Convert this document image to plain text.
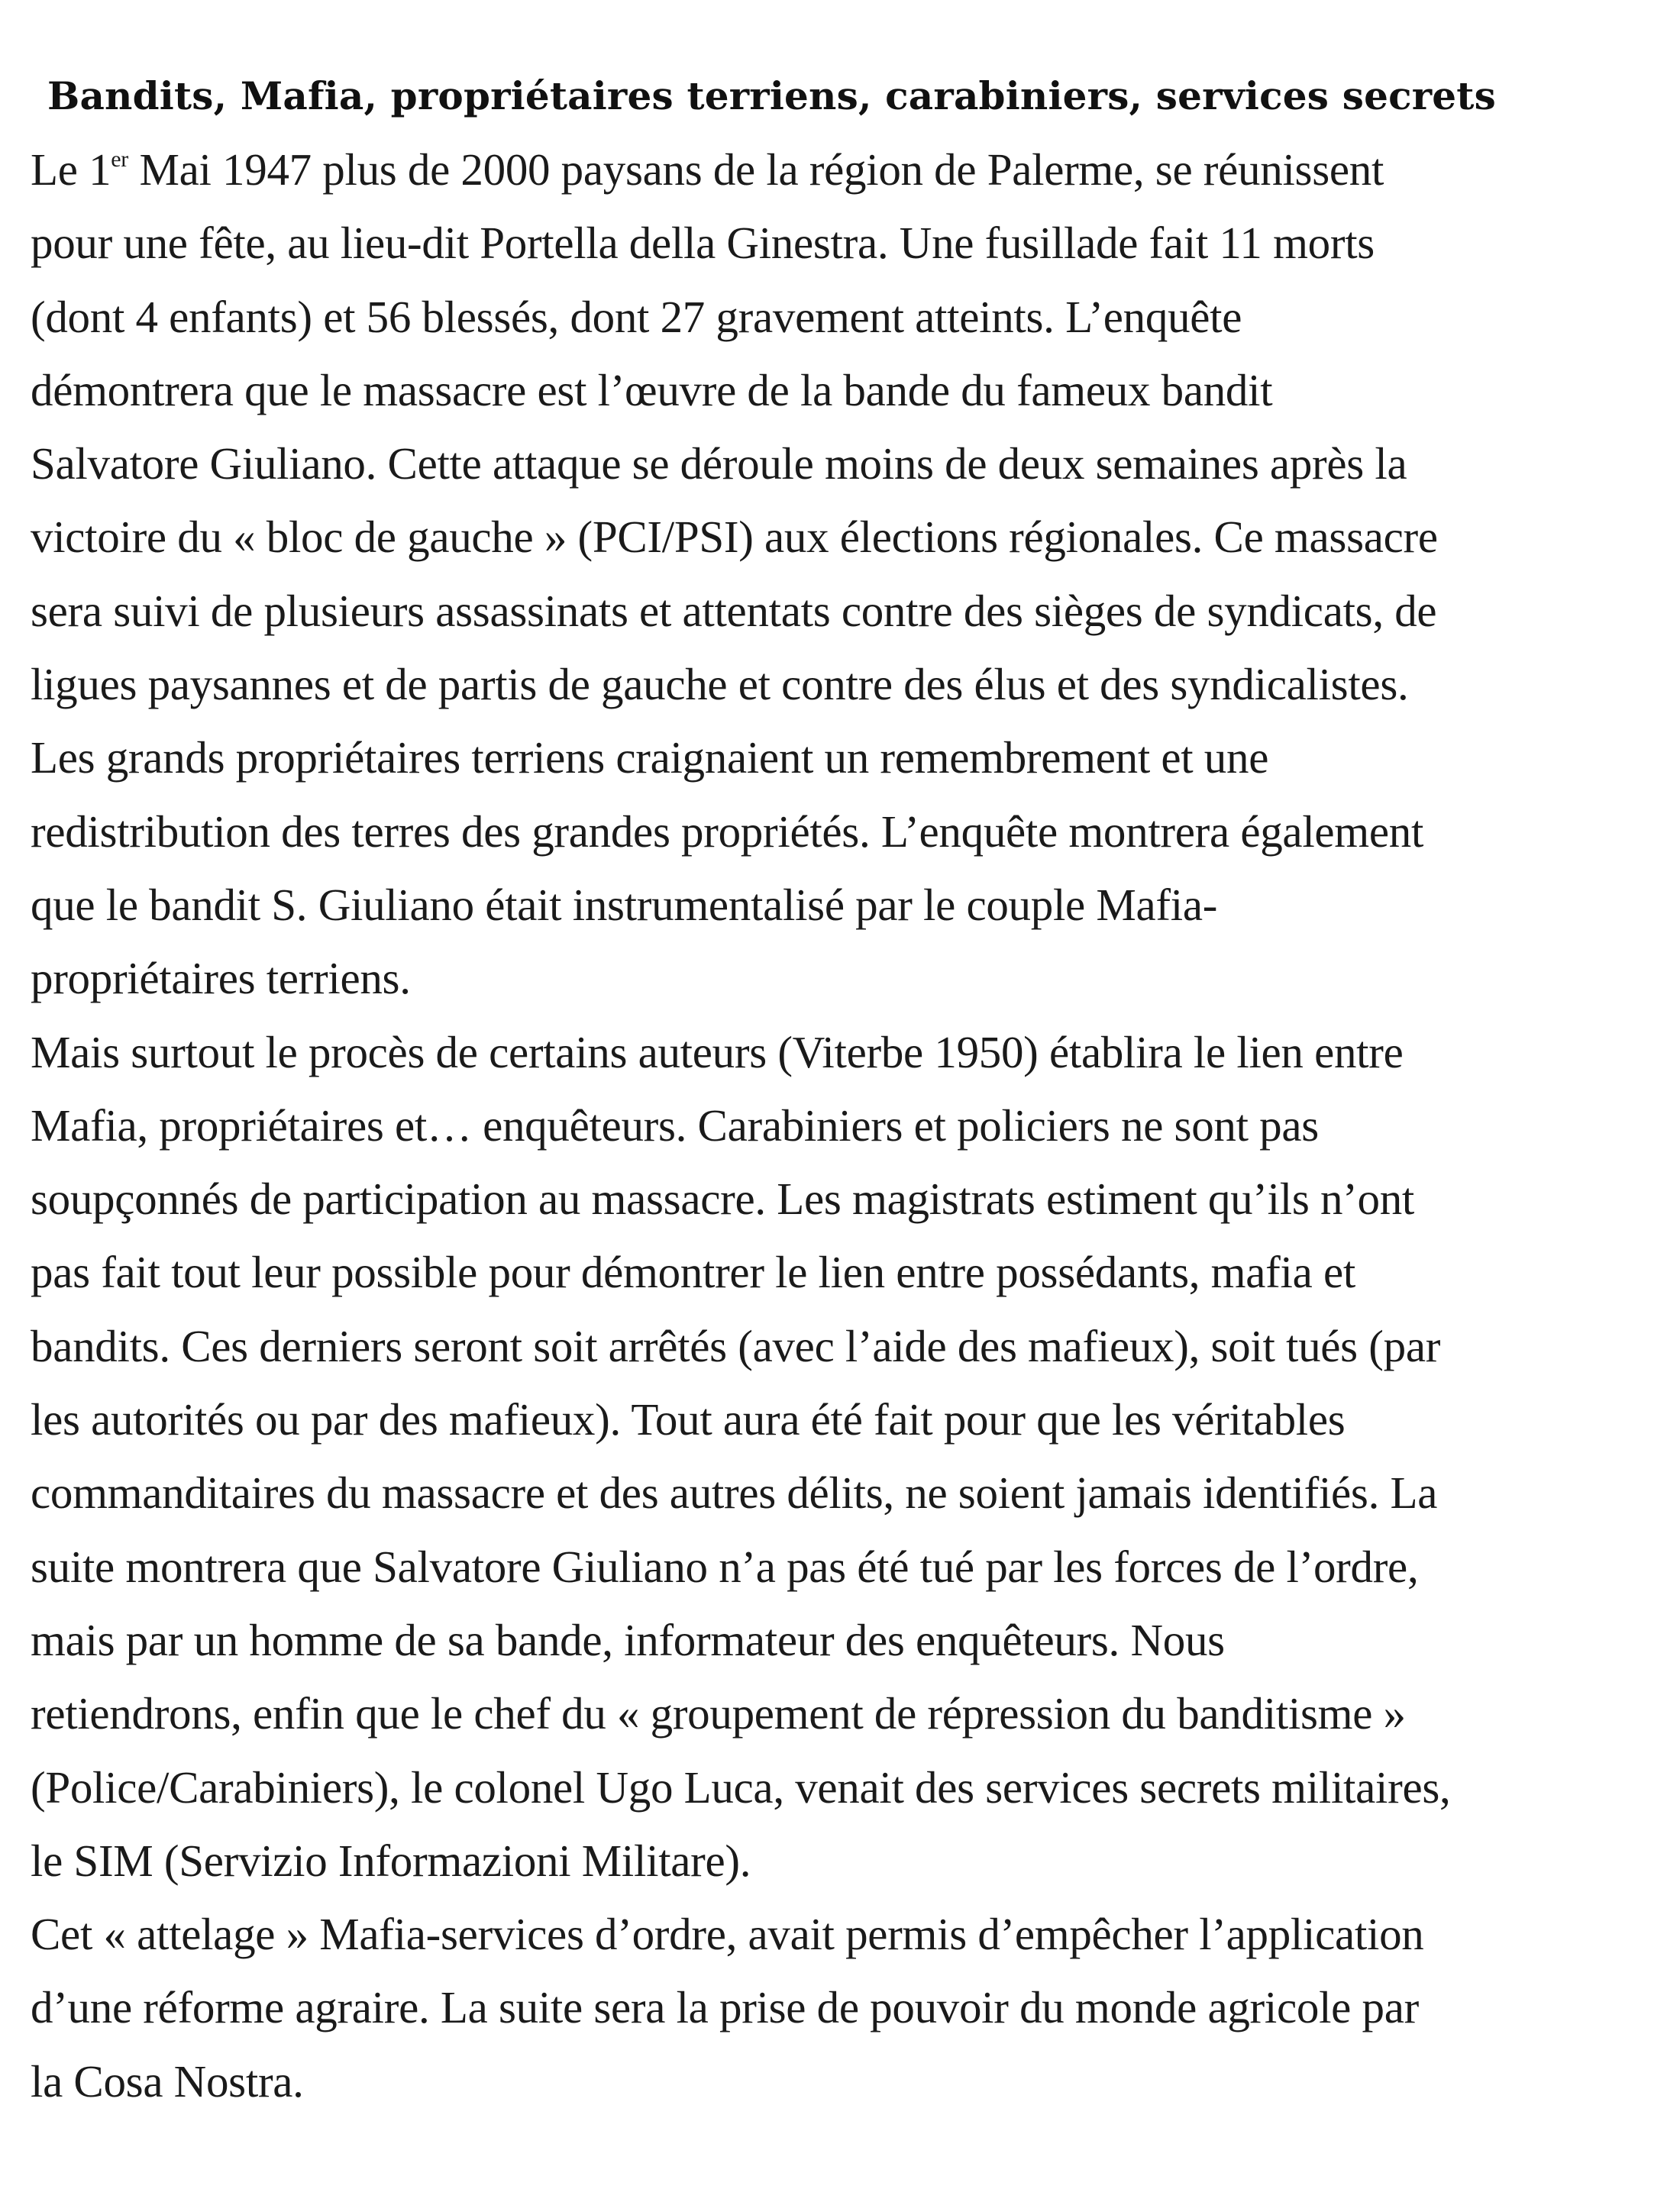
Bandits, Mafia, propriétaires terriens, carabiniers, services secrets
Le 1er Mai 1947 plus de 2000 paysans de la région de Palerme, se réunissent
pour une fête, au lieu-dit Portella della Ginestra. Une fusillade fait 11 morts
(dont 4 enfants) et 56 blessés, dont 27 gravement atteints. L’enquête
démontrera que le massacre est l’œuvre de la bande du fameux bandit
Salvatore Giuliano. Cette attaque se déroule moins de deux semaines après la
victoire du « bloc de gauche » (PCI/PSI) aux élections régionales. Ce massacre
sera suivi de plusieurs assassinats et attentats contre des sièges de syndicats, de
ligues paysannes et de partis de gauche et contre des élus et des syndicalistes.
Les grands propriétaires terriens craignaient un remembrement et une
redistribution des terres des grandes propriétés. L’enquête montrera également
que le bandit S. Giuliano était instrumentalisé par le couple Mafia-
propriétaires terriens.
Mais surtout le procès de certains auteurs (Viterbe 1950) établira le lien entre
Mafia, propriétaires et… enquêteurs. Carabiniers et policiers ne sont pas
soupçonnés de participation au massacre. Les magistrats estiment qu’ils n’ont
pas fait tout leur possible pour démontrer le lien entre possédants, mafia et
bandits. Ces derniers seront soit arrêtés (avec l’aide des mafieux), soit tués (par
les autorités ou par des mafieux). Tout aura été fait pour que les véritables
commanditaires du massacre et des autres délits, ne soient jamais identifiés. La
suite montrera que Salvatore Giuliano n’a pas été tué par les forces de l’ordre,
mais par un homme de sa bande, informateur des enquêteurs. Nous
retiendrons, enfin que le chef du « groupement de répression du banditisme »
(Police/Carabiniers), le colonel Ugo Luca, venait des services secrets militaires,
le SIM (Servizio Informazioni Militare).
Cet « attelage » Mafia-services d’ordre, avait permis d’empêcher l’application
d’une réforme agraire. La suite sera la prise de pouvoir du monde agricole par
la Cosa Nostra.
